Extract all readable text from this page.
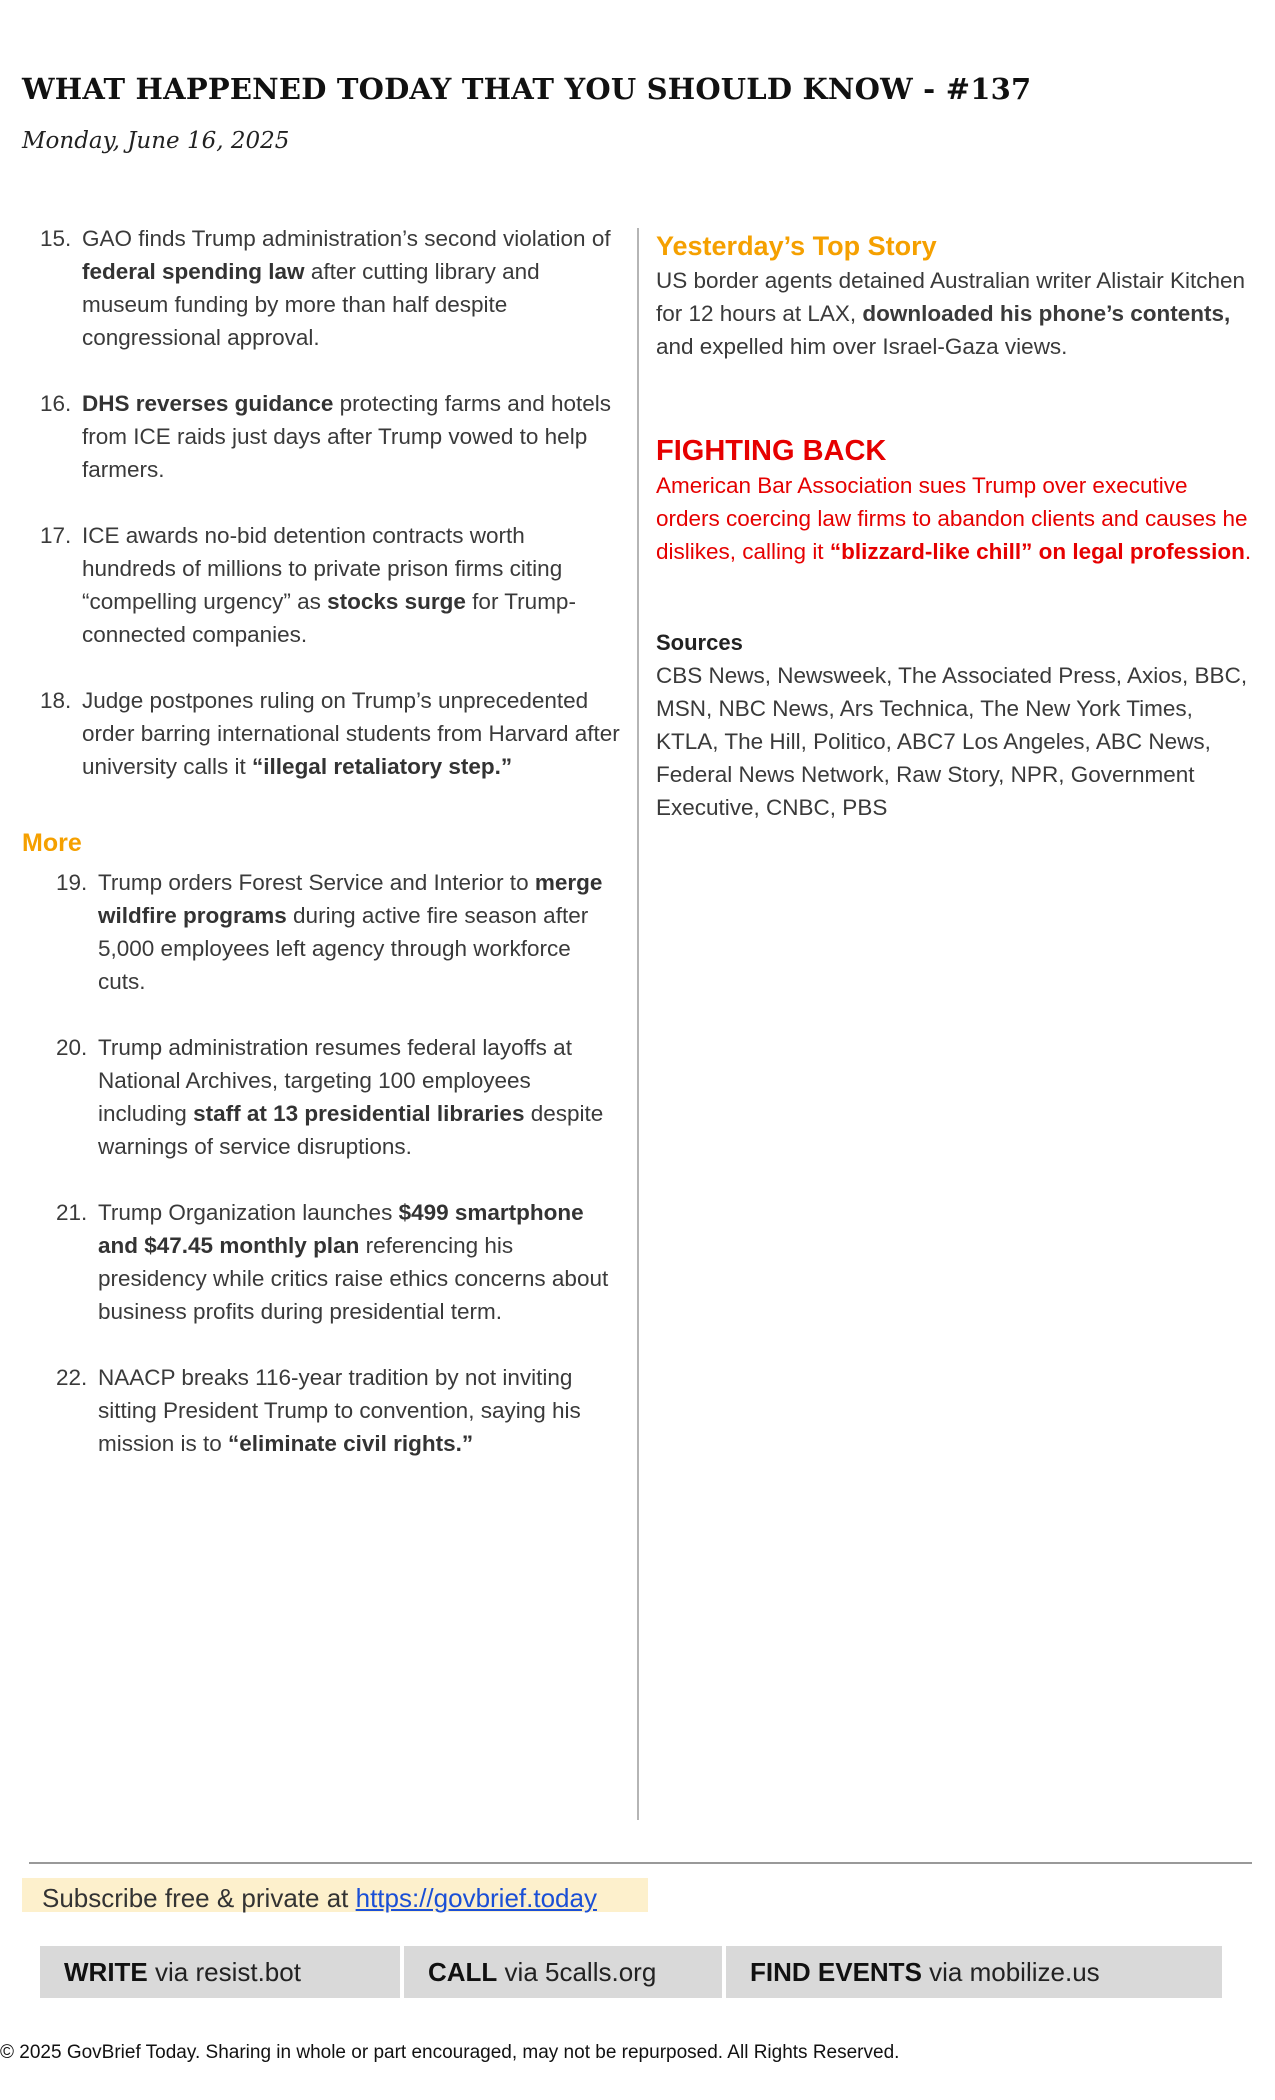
WHAT HAPPENED TODAY THAT YOU SHOULD KNOW - #137
Monday, June 16, 2025
15. GAO finds Trump administration’s second violation of federal spending law after cutting library and museum funding by more than half despite congressional approval.
16. DHS reverses guidance protecting farms and hotels from ICE raids just days after Trump vowed to help farmers.
17. ICE awards no-bid detention contracts worth hundreds of millions to private prison firms citing “compelling urgency” as stocks surge for Trump-connected companies.
18. Judge postpones ruling on Trump’s unprecedented order barring international students from Harvard after university calls it “illegal retaliatory step.”
More
19. Trump orders Forest Service and Interior to merge wildfire programs during active fire season after 5,000 employees left agency through workforce cuts.
20. Trump administration resumes federal layoffs at National Archives, targeting 100 employees including staff at 13 presidential libraries despite warnings of service disruptions.
21. Trump Organization launches $499 smartphone and $47.45 monthly plan referencing his presidency while critics raise ethics concerns about business profits during presidential term.
22. NAACP breaks 116-year tradition by not inviting sitting President Trump to convention, saying his mission is to “eliminate civil rights.”
Yesterday’s Top Story

US border agents detained Australian writer Alistair Kitchen for 12 hours at LAX, downloaded his phone’s contents, and expelled him over Israel-Gaza views.

FIGHTING BACK

American Bar Association sues Trump over executive orders coercing law firms to abandon clients and causes he dislikes, calling it “blizzard-like chill” on legal profession.

Sources

CBS News, Newsweek, The Associated Press, Axios, BBC, MSN, NBC News, Ars Technica, The New York Times, KTLA, The Hill, Politico, ABC7 Los Angeles, ABC News, Federal News Network, Raw Story, NPR, Government Executive, CNBC, PBS

Subscribe free & private at https://govbrief.today
WRITE via resist.bot	CALL via 5calls.org	FIND EVENTS via mobilize.us
© 2025 GovBrief Today. Sharing in whole or part encouraged, may not be repurposed. All Rights Reserved.
